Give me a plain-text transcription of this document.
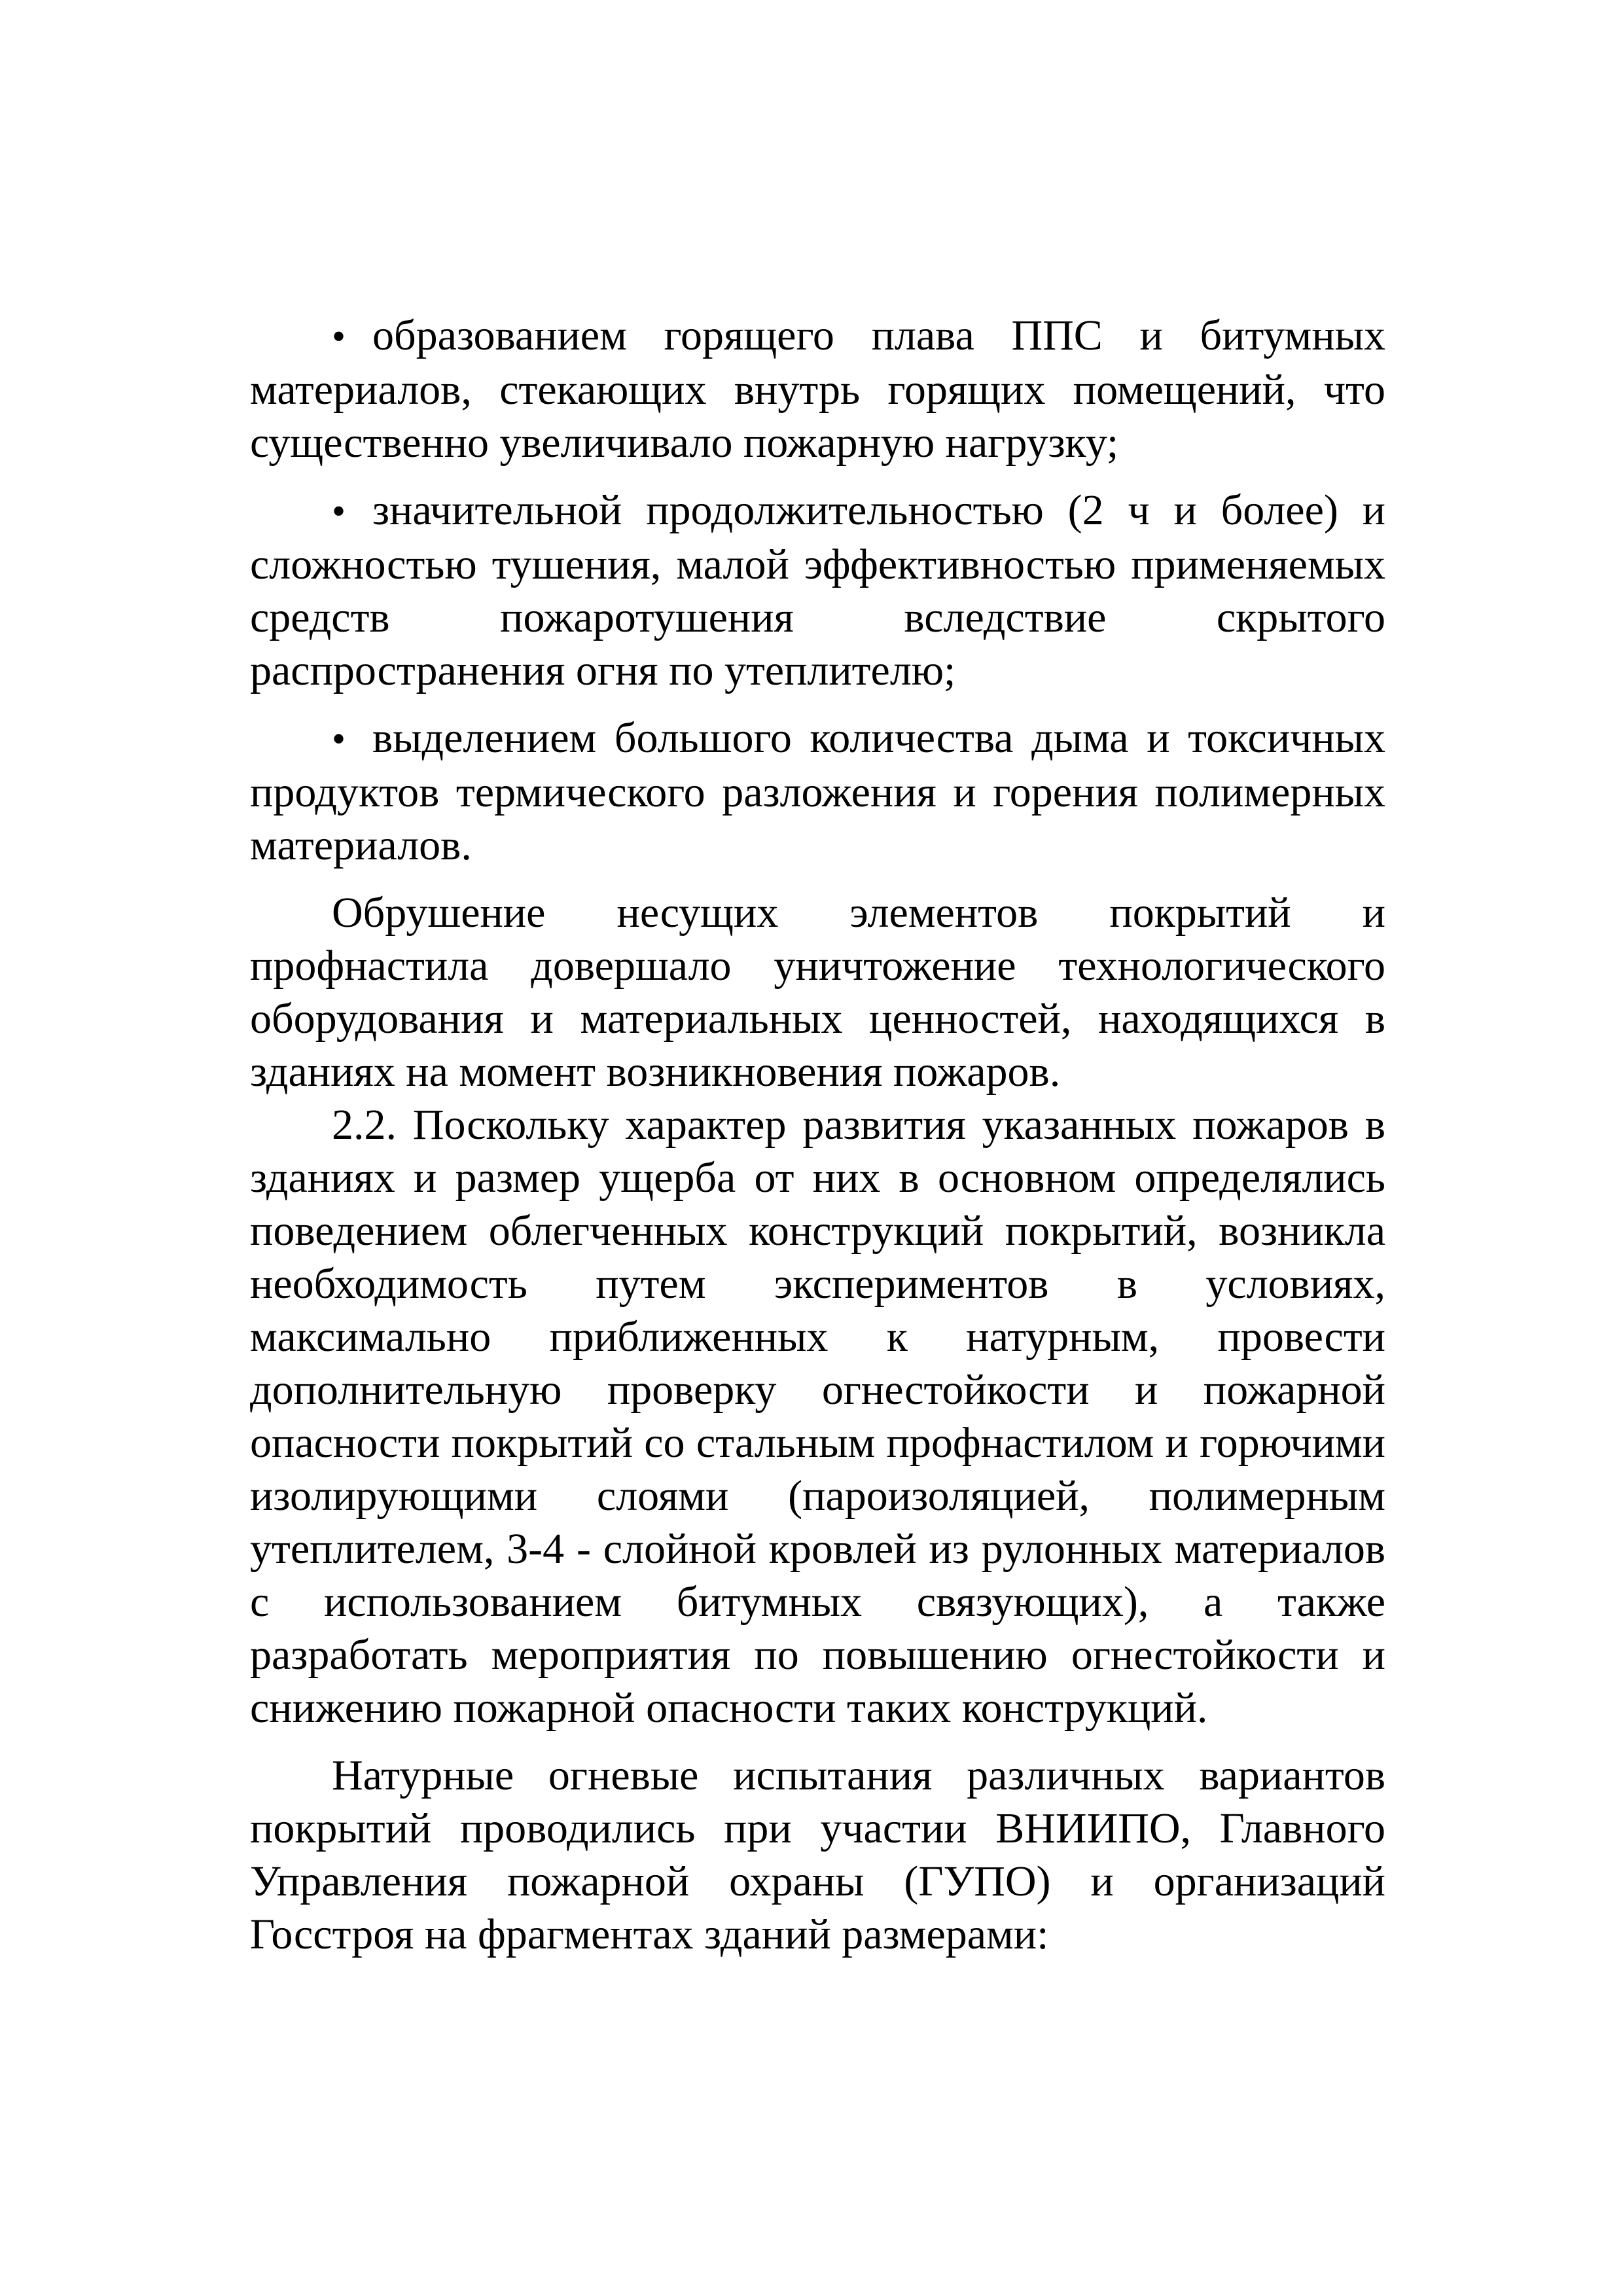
• образованием горящего плава ППС и битумных материалов, стекающих внутрь горящих помещений, что существенно увеличивало пожарную нагрузку;

• значительной продолжительностью (2 ч и более) и сложностью тушения, малой эффективностью применяемых средств пожаротушения вследствие скрытого распространения огня по утеплителю;

• выделением большого количества дыма и токсичных продуктов термического разложения и горения полимерных материалов.

Обрушение несущих элементов покрытий и профнастила довершало уничтожение технологического оборудования и материальных ценностей, находящихся в зданиях на момент возникновения пожаров.

2.2. Поскольку характер развития указанных пожаров в зданиях и размер ущерба от них в основном определялись поведением облегченных конструкций покрытий, возникла необходимость путем экспериментов в условиях, максимально приближенных к натурным, провести дополнительную проверку огнестойкости и пожарной опасности покрытий со стальным профнастилом и горючими изолирующими слоями (пароизоляцией, полимерным утеплителем, 3-4 - слойной кровлей из рулонных материалов с использованием битумных связующих), а также разработать мероприятия по повышению огнестойкости и снижению пожарной опасности таких конструкций.

Натурные огневые испытания различных вариантов покрытий проводились при участии ВНИИПО, Главного Управления пожарной охраны (ГУПО) и организаций Госстроя на фрагментах зданий размерами:
